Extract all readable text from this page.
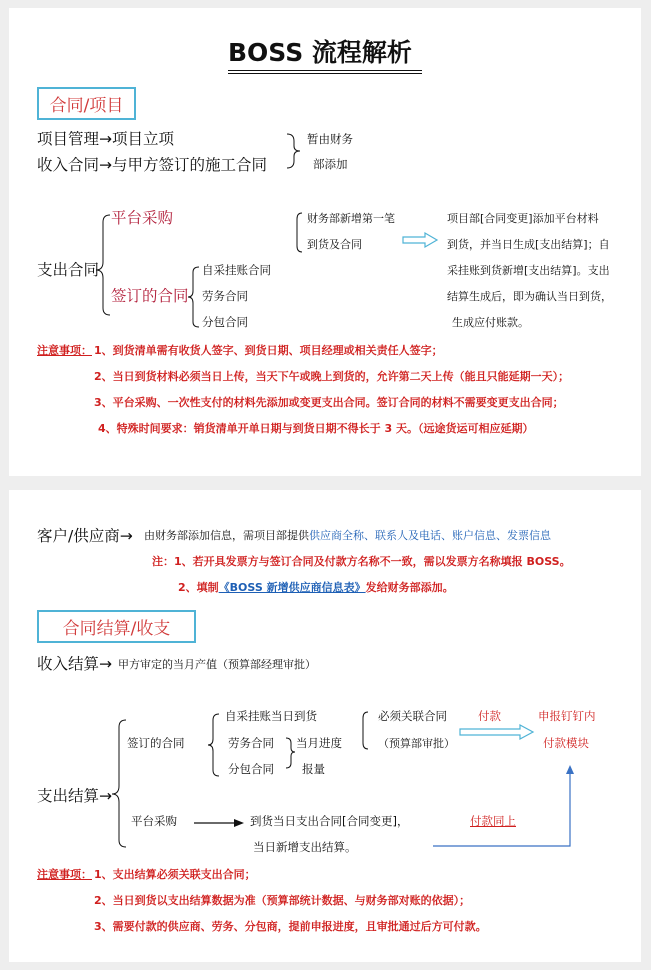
BOSS 流程解析
合同/项目
项目管理→项目立项
收入合同→与甲方签订的施工合同
暂由财务
部添加
支出合同
平台采购
签订的合同
自采挂账合同
劳务合同
分包合同
财务部新增第一笔
到货及合同
项目部[合同变更]添加平台材料
到货，并当日生成[支出结算]；自
采挂账到货新增[支出结算]。支出
结算生成后，即为确认当日到货，
生成应付账款。
注意事项： 1、到货清单需有收货人签字、到货日期、项目经理或相关责任人签字；
2、当日到货材料必须当日上传，当天下午或晚上到货的，允许第二天上传（能且只能延期一天）；
3、平台采购、一次性支付的材料先添加或变更支出合同。签订合同的材料不需要变更支出合同；
4、特殊时间要求：销货清单开单日期与到货日期不得长于 3 天。（远途货运可相应延期）
客户/供应商→ 由财务部添加信息，需项目部提供供应商全称、联系人及电话、账户信息、发票信息
注：1、若开具发票方与签订合同及付款方名称不一致，需以发票方名称填报 BOSS。
2、填制《BOSS 新增供应商信息表》发给财务部添加。
合同结算/收支
收入结算→ 甲方审定的当月产值（预算部经理审批）
签订的合同
自采挂账当日到货
劳务合同
分包合同
当月进度
报量
必须关联合同
（预算部审批）
付款	申报钉钉内
付款模块
支出结算→
平台采购	到货当日支出合同[合同变更]，
当日新增支出结算。
付款同上
注意事项： 1、支出结算必须关联支出合同；
2、当日到货以支出结算数据为准（预算部统计数据、与财务部对账的依据）；
3、需要付款的供应商、劳务、分包商，提前申报进度，且审批通过后方可付款。
